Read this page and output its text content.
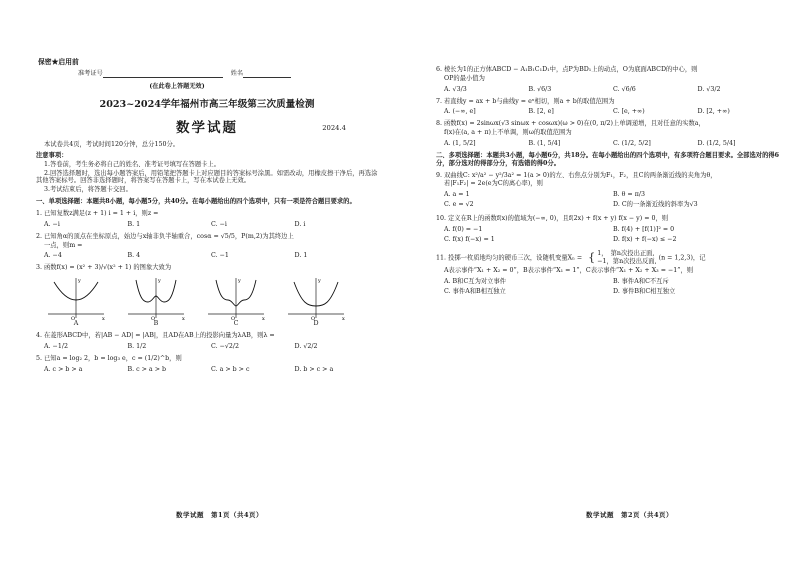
保密★启用前
准考证号	姓名
(在此卷上答题无效)
2023~2024学年福州市高三年级第三次质量检测
数学试题	2024.4
本试卷共4页，考试时间120分钟，总分150分。
注意事项：
1.答卷前，考生务必将自己的姓名、准考证号填写在答题卡上。
2.回答选择题时，选出每小题答案后，用铅笔把答题卡上对应题目的答案标号涂黑。如需改动，用橡皮擦干净后，再选涂其他答案标号。回答非选择题时，将答案写在答题卡上，写在本试卷上无效。
3.考试结束后，将答题卡交回。
一、单项选择题：本题共8小题，每小题5分，共40分。在每小题给出的四个选项中，只有一项是符合题目要求的。
1. 已知复数z满足(z + 1) i = 1 + i，则z =
A. −i	B. 1	C. −i	D. i
2. 已知角α的顶点在坐标原点，始边与x轴非负半轴重合，cosα = √5/5，P(m,2)为其终边上
一点，则m =
A. −4	B. 4	C. −1	D. 1
3. 函数f(x) = (x² + 3)/√(x² + 1) 的图象大致为
x
y
O
A
x
y
O
B
x
y
O
C
x
y
O
D
4. 在菱形ABCD中，若|AB − AD| = |AB|，且AD在AB上的投影向量为λAB，则λ =
A. −1/2	B. 1/2	C. −√2/2	D. √2/2
5. 已知a = log₂ 2，b = log₃ e，c = (1/2)^b，则
A. c > b > a	B. c > a > b	C. a > b > c	D. b > c > a
数学试题　第1页（共4页）
6. 棱长为1的正方体ABCD − A₁B₁C₁D₁中，点P为BD₁上的动点，O为底面ABCD的中心，则
OP的最小值为
A. √3/3	B. √6/3	C. √6/6	D. √3/2
7. 若直线y = ax + b与曲线y = eˣ相切，则a + b的取值范围为
A. (−∞, e]	B. [2, e]	C. [e, +∞)	D. [2, +∞)
8. 函数f(x) = 2sinωx(√3 sinωx + cosωx)(ω > 0)在(0, π/2)上单调递增，且对任意的实数a，
f(x)在(a, a + π)上不单调，则ω的取值范围为
A. (1, 5/2]	B. (1, 5/4]	C. (1/2, 5/2]	D. (1/2, 5/4]
二、多项选择题：本题共3小题，每小题6分，共18分。在每小题给出的四个选项中，有多项符合题目要求。全部选对的得6分，部分选对的得部分分，有选错的得0分。
9. 双曲线C: x²/a² − y²/3a² = 1(a > 0)的左、右焦点分别为F₁，F₂，且C的两条渐近线的夹角为θ，
若|F₁F₂| = 2e(e为C的离心率)，则
A. a = 1	B. θ = π/3
C. e = √2	D. C的一条渐近线的斜率为√3
10. 定义在R上的函数f(x)的值域为(−∞, 0)，且f(2x) + f(x + y) f(x − y) = 0，则
A. f(0) = −1	B. f(4) + [f(1)]² = 0
C. f(x) f(−x) = 1	D. f(x) + f(−x) ≤ −2
11. 投掷一枚质地均匀的硬币三次，设随机变量Xₙ = { 1，　第n次投出正面,
−1，第n次投出反面, (n = 1,2,3)，记
A表示事件“X₁ + X₂ = 0”，B表示事件“X₁ = 1”，C表示事件“X₁ + X₂ + X₃ = −1”，则
A. B和C互为对立事件	B. 事件A和C不互斥
C. 事件A和B相互独立	D. 事件B和C相互独立
数学试题　第2页（共4页）
